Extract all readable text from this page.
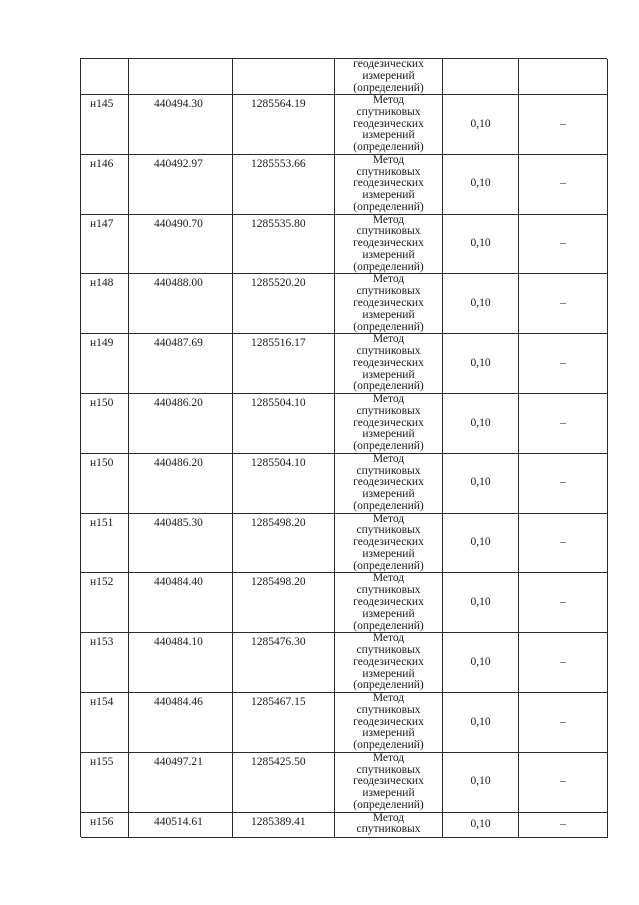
геодезических
измерений
(определений)
н145	440494.30	1285564.19	Метод
спутниковых
геодезических
измерений
(определений)
0,10	–
н146	440492.97	1285553.66	Метод
спутниковых
геодезических
измерений
(определений)
0,10	–
н147	440490.70	1285535.80	Метод
спутниковых
геодезических
измерений
(определений)
0,10	–
н148	440488.00	1285520.20	Метод
спутниковых
геодезических
измерений
(определений)
0,10	–
н149	440487.69	1285516.17	Метод
спутниковых
геодезических
измерений
(определений)
0,10	–
н150	440486.20	1285504.10	Метод
спутниковых
геодезических
измерений
(определений)
0,10	–
н150	440486.20	1285504.10	Метод
спутниковых
геодезических
измерений
(определений)
0,10	–
н151	440485.30	1285498.20	Метод
спутниковых
геодезических
измерений
(определений)
0,10	–
н152	440484.40	1285498.20	Метод
спутниковых
геодезических
измерений
(определений)
0,10	–
н153	440484.10	1285476.30	Метод
спутниковых
геодезических
измерений
(определений)
0,10	–
н154	440484.46	1285467.15	Метод
спутниковых
геодезических
измерений
(определений)
0,10	–
н155	440497.21	1285425.50	Метод
спутниковых
геодезических
измерений
(определений)
0,10	–
н156	440514.61	1285389.41	Метод
спутниковых	0,10	–
